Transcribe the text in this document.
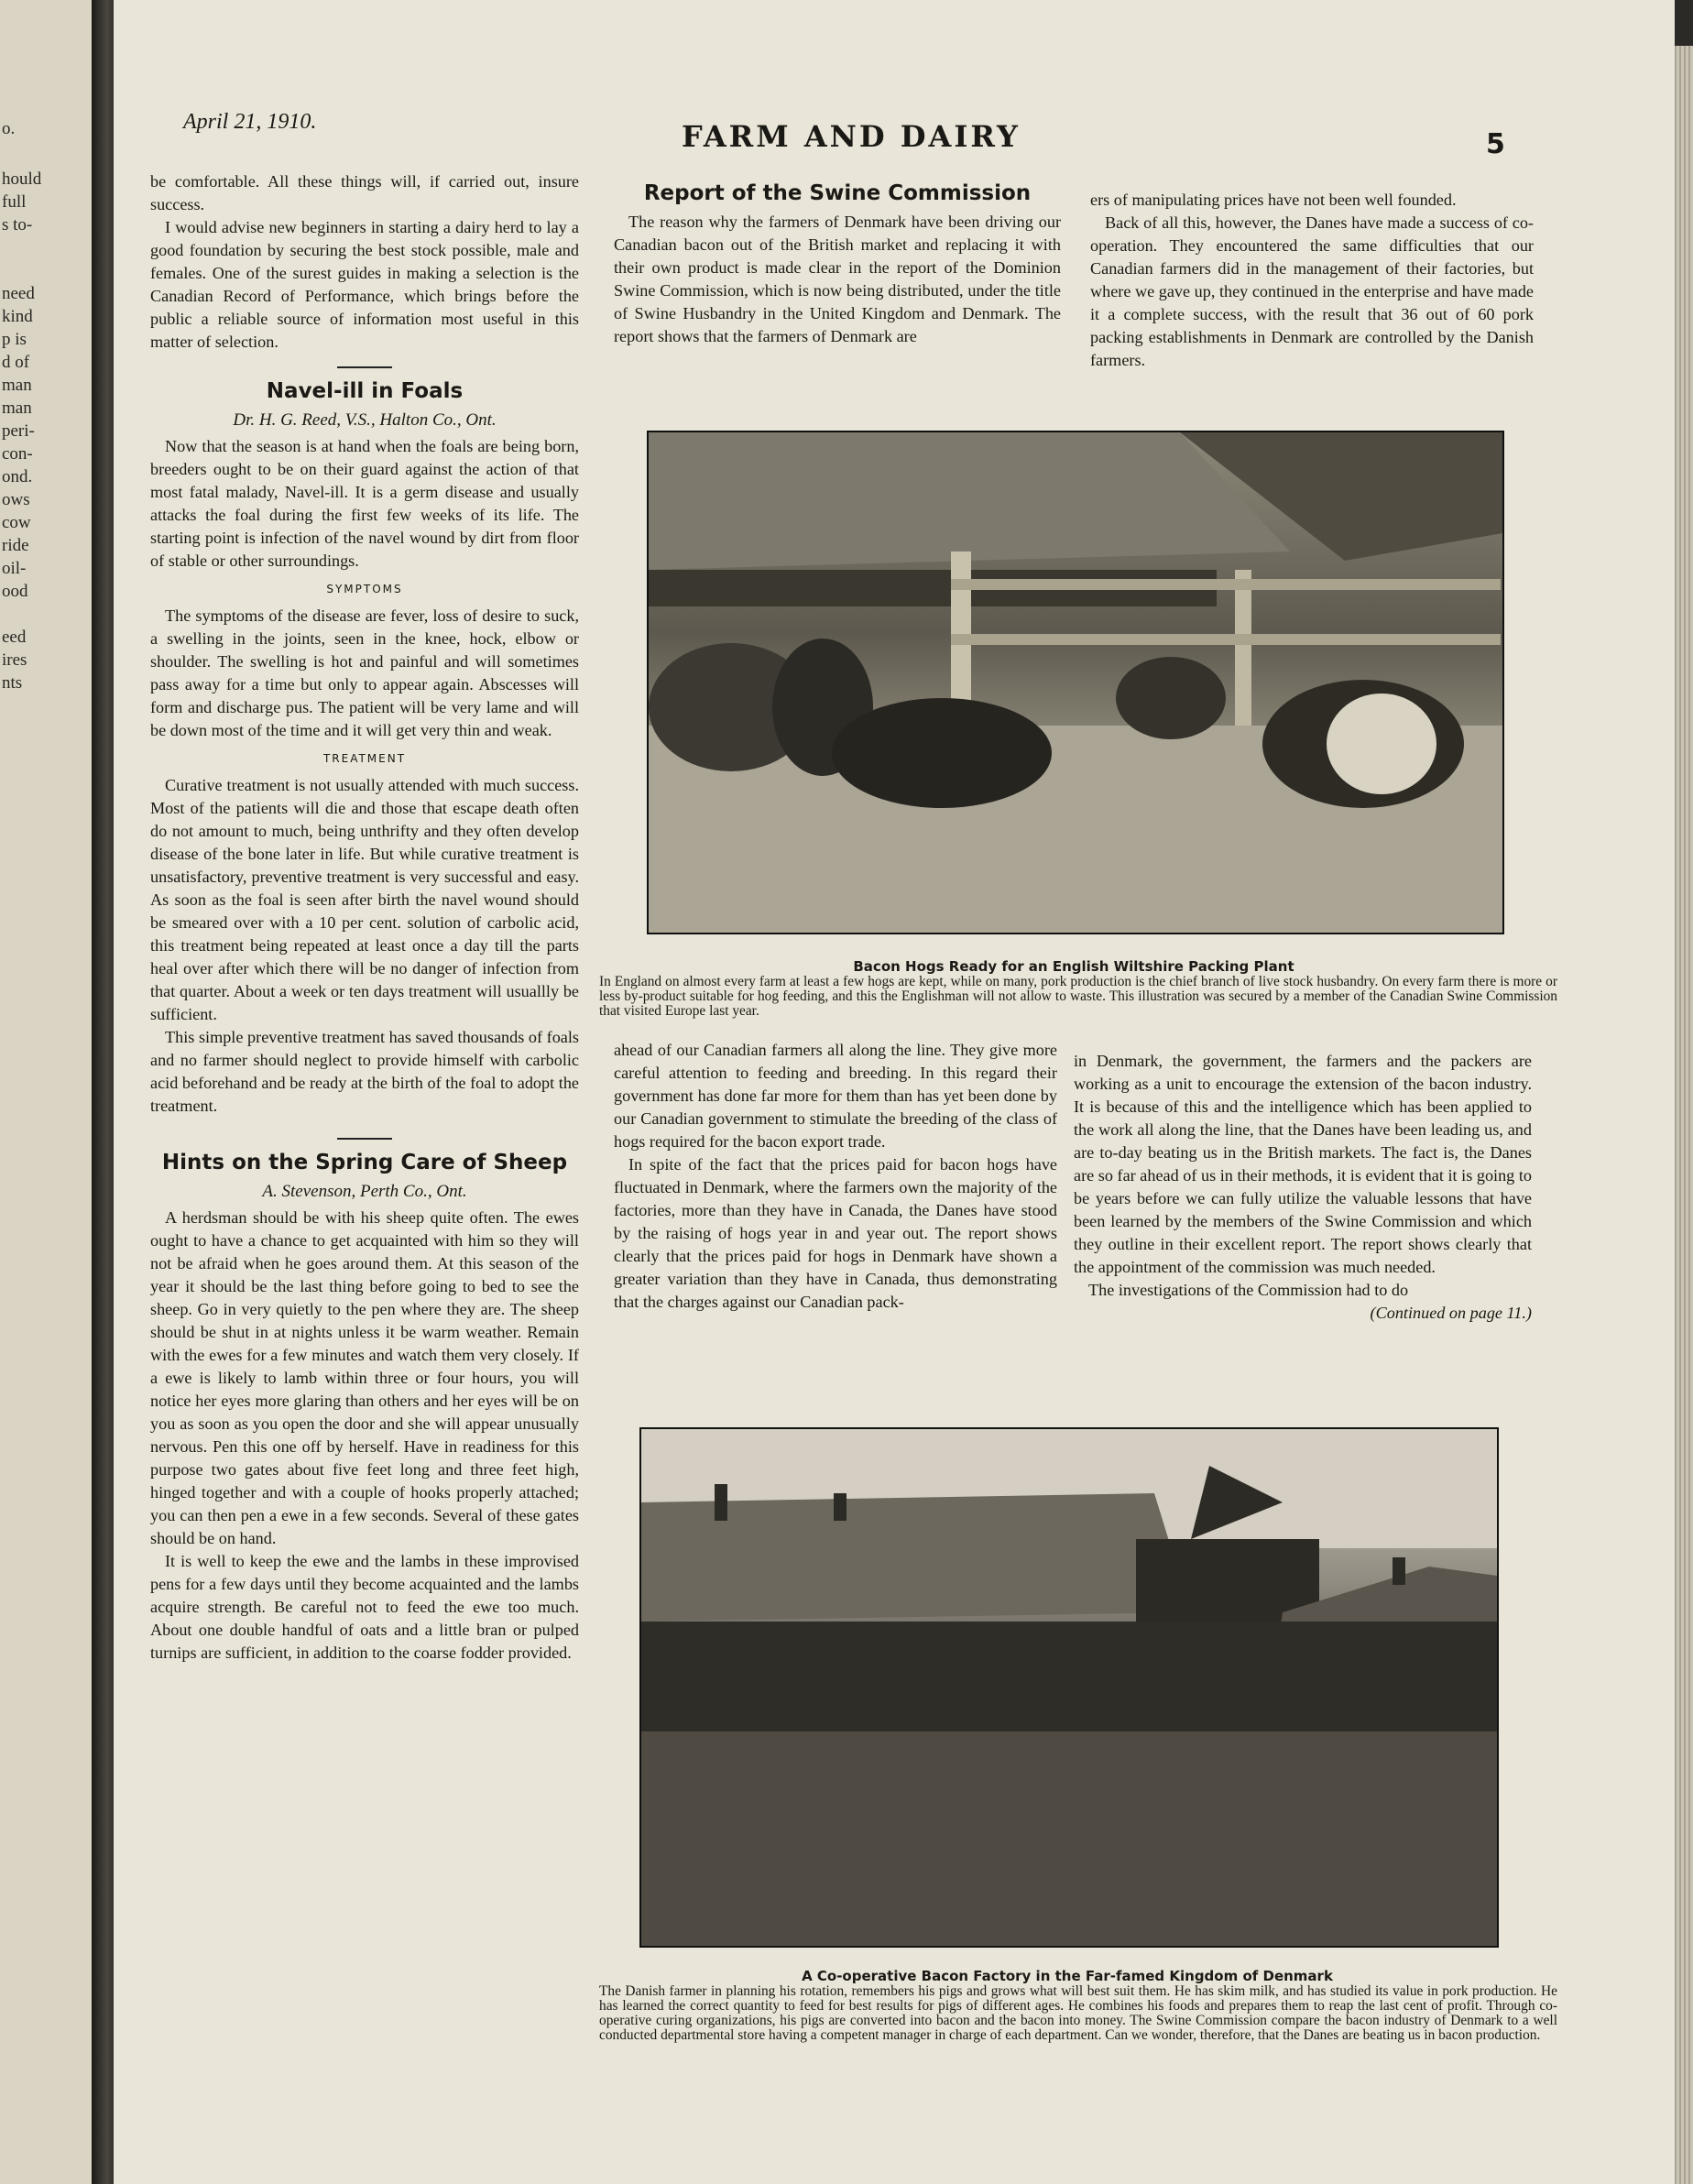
o.
hould
full
s to-
need
kind
p is
d of
man
man
peri-
con-
ond.
ows
cow
ride
oil-
ood
eed
ires
nts
April 21, 1910.	FARM AND DAIRY	5

be comfortable. All these things will, if carried out, insure success.

I would advise new beginners in starting a dairy herd to lay a good foundation by securing the best stock possible, male and females. One of the surest guides in making a selection is the Canadian Record of Performance, which brings before the public a reliable source of information most useful in this matter of selection.

Navel-ill in Foals
Dr. H. G. Reed, V.S., Halton Co., Ont.

Now that the season is at hand when the foals are being born, breeders ought to be on their guard against the action of that most fatal malady, Navel-ill. It is a germ disease and usually attacks the foal during the first few weeks of its life. The starting point is infection of the navel wound by dirt from floor of stable or other surroundings.

SYMPTOMS

The symptoms of the disease are fever, loss of desire to suck, a swelling in the joints, seen in the knee, hock, elbow or shoulder. The swelling is hot and painful and will sometimes pass away for a time but only to appear again. Abscesses will form and discharge pus. The patient will be very lame and will be down most of the time and it will get very thin and weak.

TREATMENT

Curative treatment is not usually attended with much success. Most of the patients will die and those that escape death often do not amount to much, being unthrifty and they often develop disease of the bone later in life. But while curative treatment is unsatisfactory, preventive treatment is very successful and easy. As soon as the foal is seen after birth the navel wound should be smeared over with a 10 per cent. solution of carbolic acid, this treatment being repeated at least once a day till the parts heal over after which there will be no danger of infection from that quarter. About a week or ten days treatment will usuallly be sufficient.

This simple preventive treatment has saved thousands of foals and no farmer should neglect to provide himself with carbolic acid beforehand and be ready at the birth of the foal to adopt the treatment.

Hints on the Spring Care of Sheep
A. Stevenson, Perth Co., Ont.

A herdsman should be with his sheep quite often. The ewes ought to have a chance to get acquainted with him so they will not be afraid when he goes around them. At this season of the year it should be the last thing before going to bed to see the sheep. Go in very quietly to the pen where they are. The sheep should be shut in at nights unless it be warm weather. Remain with the ewes for a few minutes and watch them very closely. If a ewe is likely to lamb within three or four hours, you will notice her eyes more glaring than others and her eyes will be on you as soon as you open the door and she will appear unusually nervous. Pen this one off by herself. Have in readiness for this purpose two gates about five feet long and three feet high, hinged together and with a couple of hooks properly attached; you can then pen a ewe in a few seconds. Several of these gates should be on hand.

It is well to keep the ewe and the lambs in these improvised pens for a few days until they become acquainted and the lambs acquire strength. Be careful not to feed the ewe too much. About one double handful of oats and a little bran or pulped turnips are sufficient, in addition to the coarse fodder provided.

Report of the Swine Commission

The reason why the farmers of Denmark have been driving our Canadian bacon out of the British market and replacing it with their own product is made clear in the report of the Dominion Swine Commission, which is now being distributed, under the title of Swine Husbandry in the United Kingdom and Denmark. The report shows that the farmers of Denmark are

ers of manipulating prices have not been well founded.

Back of all this, however, the Danes have made a success of co-operation. They encountered the same difficulties that our Canadian farmers did in the management of their factories, but where we gave up, they continued in the enterprise and have made it a complete success, with the result that 36 out of 60 pork packing establishments in Denmark are controlled by the Danish farmers.

Bacon Hogs Ready for an English Wiltshire Packing Plant
In England on almost every farm at least a few hogs are kept, while on many, pork production is the chief branch of live stock husbandry. On every farm there is more or less by-product suitable for hog feeding, and this the Englishman will not allow to waste. This illustration was secured by a member of the Canadian Swine Commission that visited Europe last year.

ahead of our Canadian farmers all along the line. They give more careful attention to feeding and breeding. In this regard their government has done far more for them than has yet been done by our Canadian government to stimulate the breeding of the class of hogs required for the bacon export trade.

In spite of the fact that the prices paid for bacon hogs have fluctuated in Denmark, where the farmers own the majority of the factories, more than they have in Canada, the Danes have stood by the raising of hogs year in and year out. The report shows clearly that the prices paid for hogs in Denmark have shown a greater variation than they have in Canada, thus demonstrating that the charges against our Canadian pack-

in Denmark, the government, the farmers and the packers are working as a unit to encourage the extension of the bacon industry. It is because of this and the intelligence which has been applied to the work all along the line, that the Danes have been leading us, and are to-day beating us in the British markets. The fact is, the Danes are so far ahead of us in their methods, it is evident that it is going to be years before we can fully utilize the valuable lessons that have been learned by the members of the Swine Commission and which they outline in their excellent report. The report shows clearly that the appointment of the commission was much needed.

The investigations of the Commission had to do

(Continued on page 11.)

A Co-operative Bacon Factory in the Far-famed Kingdom of Denmark
The Danish farmer in planning his rotation, remembers his pigs and grows what will best suit them. He has skim milk, and has studied its value in pork production. He has learned the correct quantity to feed for best results for pigs of different ages. He combines his foods and prepares them to reap the last cent of profit. Through co-operative curing organizations, his pigs are converted into bacon and the bacon into money. The Swine Commission compare the bacon industry of Denmark to a well conducted departmental store having a competent manager in charge of each department. Can we wonder, therefore, that the Danes are beating us in bacon production.
